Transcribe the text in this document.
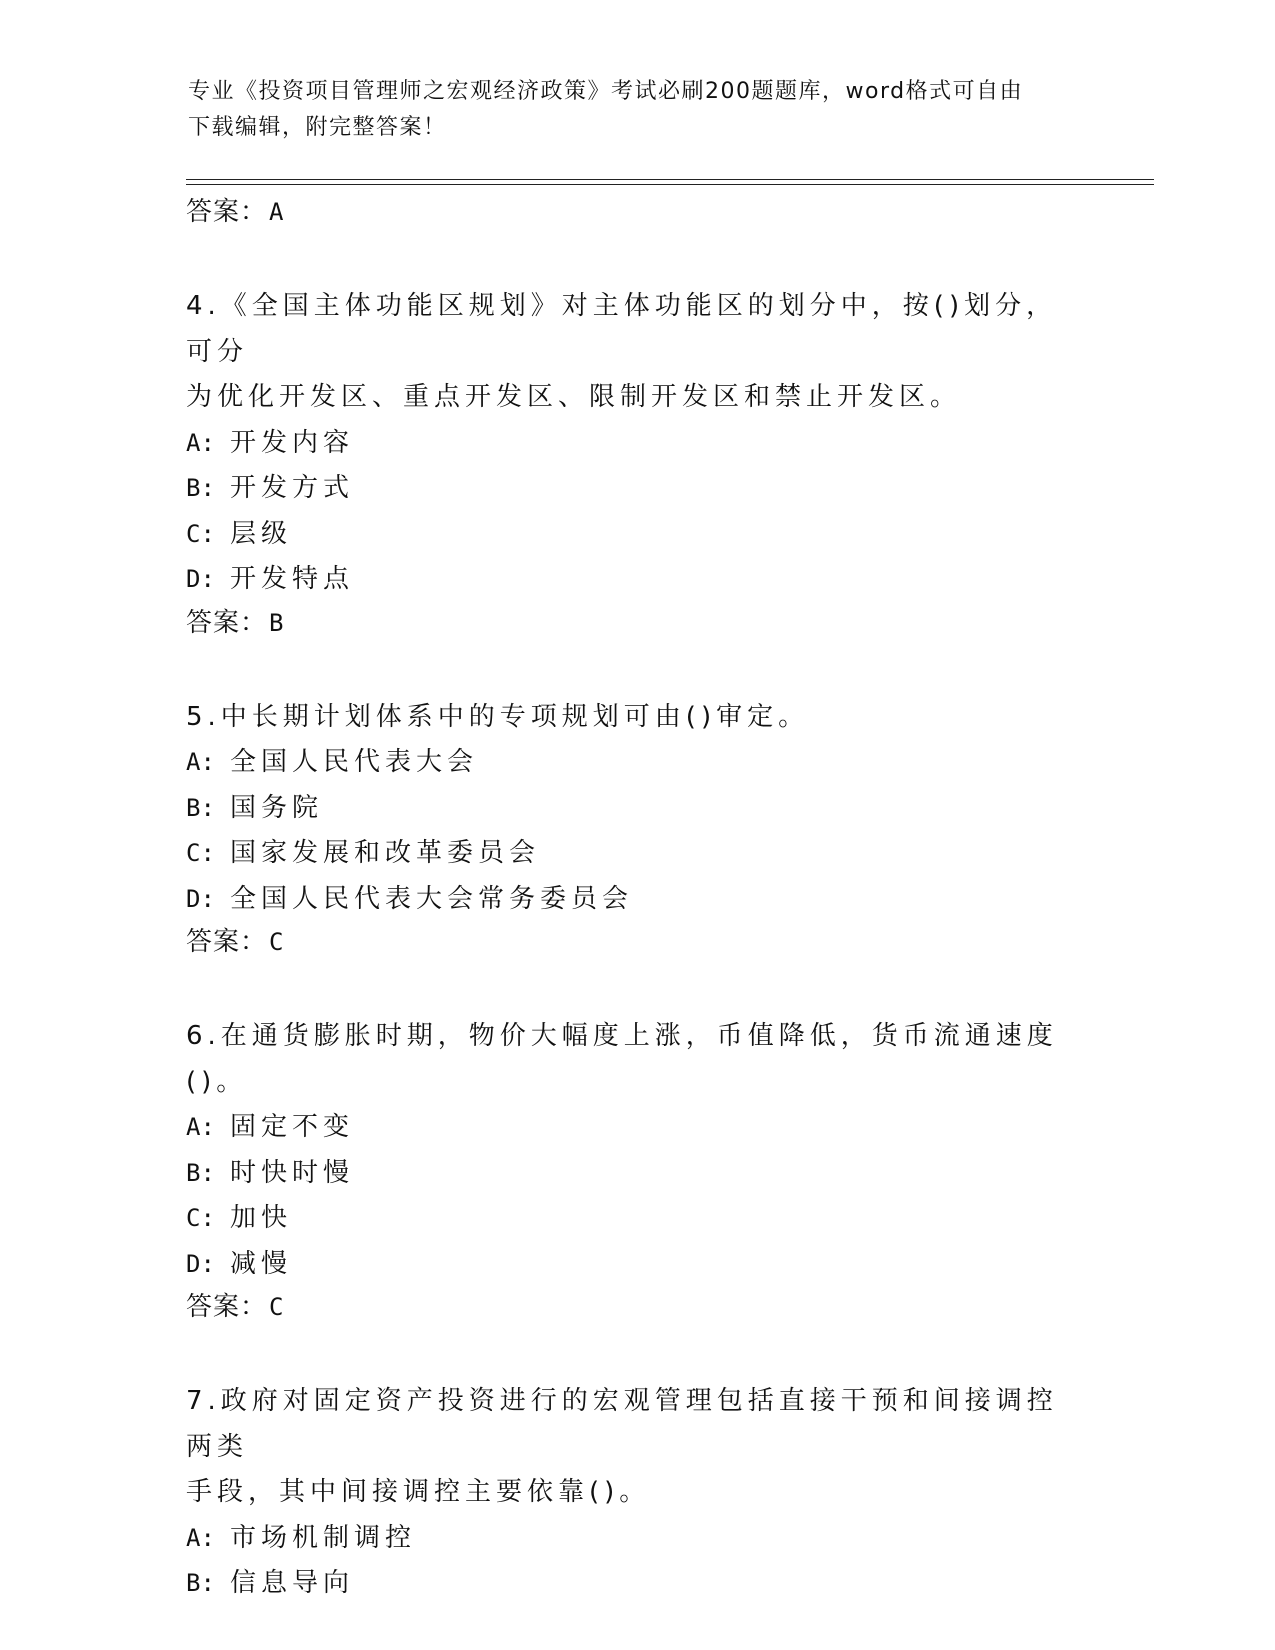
专业《投资项目管理师之宏观经济政策》考试必刷200题题库，word格式可自由
下载编辑，附完整答案！

答案：A

4.《全国主体功能区规划》对主体功能区的划分中，按()划分，可分

为优化开发区、重点开发区、限制开发区和禁止开发区。

A: 开发内容

B: 开发方式

C: 层级

D: 开发特点

答案：B

5.中长期计划体系中的专项规划可由()审定。

A: 全国人民代表大会

B: 国务院

C: 国家发展和改革委员会

D: 全国人民代表大会常务委员会

答案：C

6.在通货膨胀时期，物价大幅度上涨，币值降低，货币流通速度()。

A: 固定不变

B: 时快时慢

C: 加快

D: 减慢

答案：C

7.政府对固定资产投资进行的宏观管理包括直接干预和间接调控两类

手段，其中间接调控主要依靠()。

A: 市场机制调控

B: 信息导向
